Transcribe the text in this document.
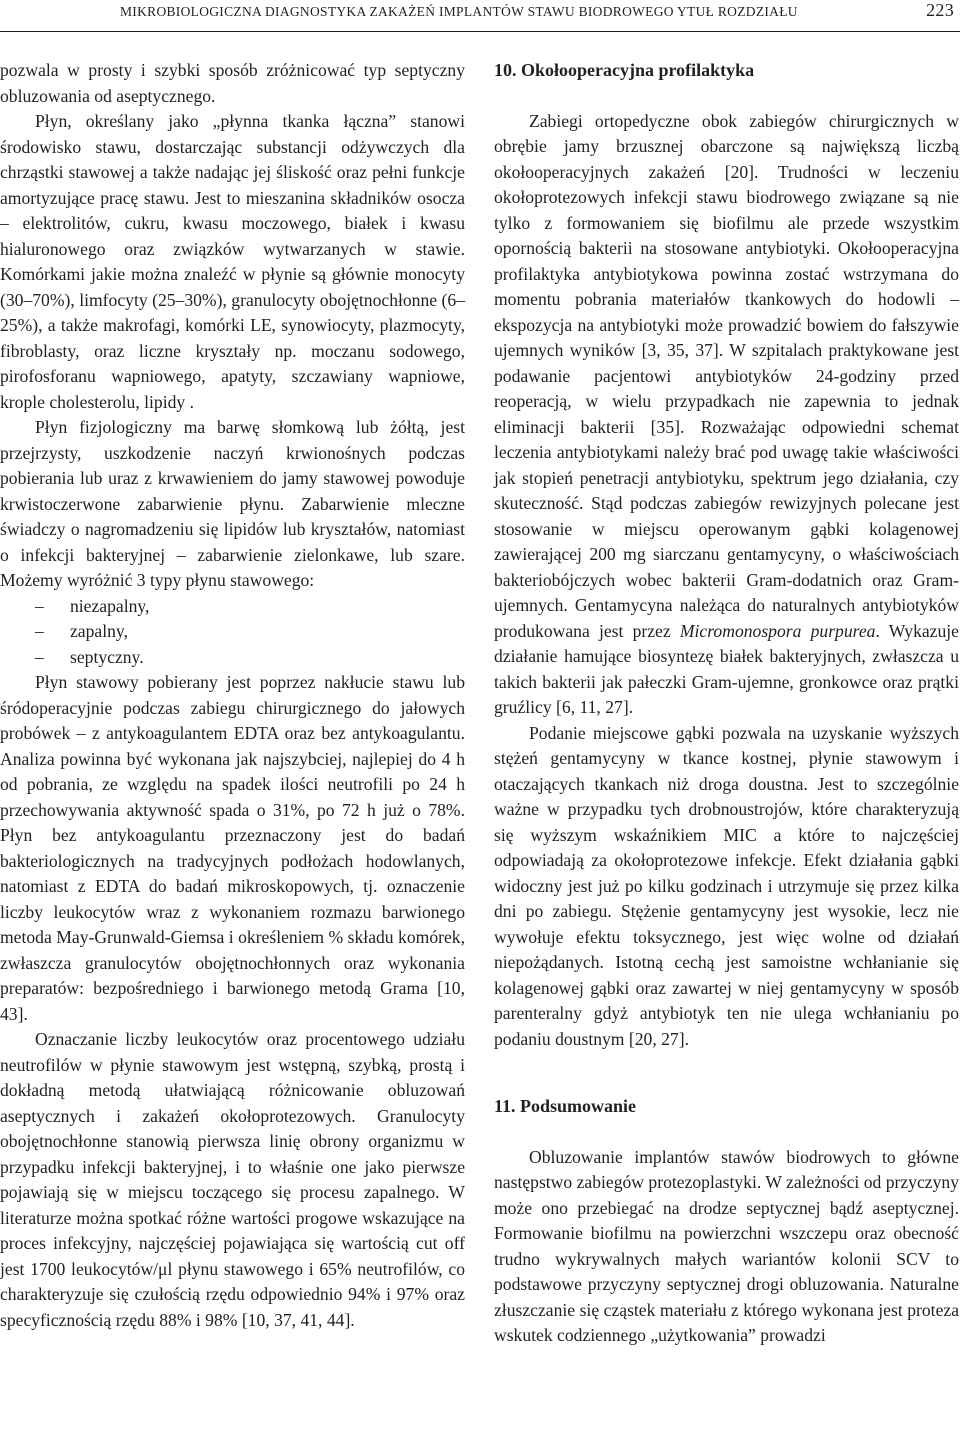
MIKROBIOLOGICZNA DIAGNOSTYKA ZAKAŻEŃ IMPLANTÓW STAWU BIODROWEGO YTUŁ ROZDZIAŁU	223

pozwala w prosty i szybki sposób zróżnicować typ septyczny obluzowania od aseptycznego.

Płyn, określany jako „płynna tkanka łączna” stanowi środowisko stawu, dostarczając substancji odżywczych dla chrząstki stawowej a także nadając jej śliskość oraz pełni funkcje amortyzujące pracę stawu. Jest to mieszanina składników osocza – elektrolitów, cukru, kwasu moczowego, białek i kwasu hialuronowego oraz związków wytwarzanych w stawie. Komórkami jakie można znaleźć w płynie są głównie monocyty (30–70%), limfocyty (25–30%), granulocyty obojętnochłonne (6–25%), a także makrofagi, komórki LE, synowiocyty, plazmocyty, fibroblasty, oraz liczne kryształy np. moczanu sodowego, pirofosforanu wapniowego, apatyty, szczawiany wapniowe, krople cholesterolu, lipidy .

Płyn fizjologiczny ma barwę słomkową lub żółtą, jest przejrzysty, uszkodzenie naczyń krwionośnych podczas pobierania lub uraz z krwawieniem do jamy stawowej powoduje krwistoczerwone zabarwienie płynu. Zabarwienie mleczne świadczy o nagromadzeniu się lipidów lub kryształów, natomiast o infekcji bakteryjnej – zabarwienie zielonkawe, lub szare. Możemy wyróżnić 3 typy płynu stawowego:

–	niezapalny,
–	zapalny,
–	septyczny.

Płyn stawowy pobierany jest poprzez nakłucie stawu lub śródoperacyjnie podczas zabiegu chirurgicznego do jałowych probówek – z antykoagulantem EDTA oraz bez antykoagulantu. Analiza powinna być wykonana jak najszybciej, najlepiej do 4 h od pobrania, ze względu na spadek ilości neutrofili po 24 h przechowywania aktywność spada o 31%, po 72 h już o 78%. Płyn bez antykoagulantu przeznaczony jest do badań bakteriologicznych na tradycyjnych podłożach hodowlanych, natomiast z EDTA do badań mikroskopowych, tj. oznaczenie liczby leukocytów wraz z wykonaniem rozmazu barwionego metoda May-Grunwald-Giemsa i określeniem % składu komórek, zwłaszcza granulocytów obojętnochłonnych oraz wykonania preparatów: bezpośredniego i barwionego metodą Grama [10, 43].

Oznaczanie liczby leukocytów oraz procentowego udziału neutrofilów w płynie stawowym jest wstępną, szybką, prostą i dokładną metodą ułatwiającą różnicowanie obluzowań aseptycznych i zakażeń okołoprotezowych. Granulocyty obojętnochłonne stanowią pierwsza linię obrony organizmu w przypadku infekcji bakteryjnej, i to właśnie one jako pierwsze pojawiają się w miejscu toczącego się procesu zapalnego. W literaturze można spotkać różne wartości progowe wskazujące na proces infekcyjny, najczęściej pojawiająca się wartością cut off jest 1700 leukocytów/μl płynu stawowego i 65% neutrofilów, co charakteryzuje się czułością rzędu odpowiednio 94% i 97% oraz specyficznością rzędu 88% i 98% [10, 37, 41, 44].

10. Okołooperacyjna profilaktyka

Zabiegi ortopedyczne obok zabiegów chirurgicznych w obrębie jamy brzusznej obarczone są największą liczbą okołooperacyjnych zakażeń [20]. Trudności w leczeniu okołoprotezowych infekcji stawu biodrowego związane są nie tylko z formowaniem się biofilmu ale przede wszystkim opornością bakterii na stosowane antybiotyki. Okołooperacyjna profilaktyka antybiotykowa powinna zostać wstrzymana do momentu pobrania materiałów tkankowych do hodowli – ekspozycja na antybiotyki może prowadzić bowiem do fałszywie ujemnych wyników [3, 35, 37]. W szpitalach praktykowane jest podawanie pacjentowi antybiotyków 24-godziny przed reoperacją, w wielu przypadkach nie zapewnia to jednak eliminacji bakterii [35]. Rozważając odpowiedni schemat leczenia antybiotykami należy brać pod uwagę takie właściwości jak stopień penetracji antybiotyku, spektrum jego działania, czy skuteczność. Stąd podczas zabiegów rewizyjnych polecane jest stosowanie w miejscu operowanym gąbki kolagenowej zawierającej 200 mg siarczanu gentamycyny, o właściwościach bakteriobójczych wobec bakterii Gram-dodatnich oraz Gram-ujemnych. Gentamycyna należąca do naturalnych antybiotyków produkowana jest przez Micromonospora purpurea. Wykazuje działanie hamujące biosyntezę białek bakteryjnych, zwłaszcza u takich bakterii jak pałeczki Gram-ujemne, gronkowce oraz prątki gruźlicy [6, 11, 27].

Podanie miejscowe gąbki pozwala na uzyskanie wyższych stężeń gentamycyny w tkance kostnej, płynie stawowym i otaczających tkankach niż droga doustna. Jest to szczególnie ważne w przypadku tych drobnoustrojów, które charakteryzują się wyższym wskaźnikiem MIC a które to najczęściej odpowiadają za okołoprotezowe infekcje. Efekt działania gąbki widoczny jest już po kilku godzinach i utrzymuje się przez kilka dni po zabiegu. Stężenie gentamycyny jest wysokie, lecz nie wywołuje efektu toksycznego, jest więc wolne od działań niepożądanych. Istotną cechą jest samoistne wchłanianie się kolagenowej gąbki oraz zawartej w niej gentamycyny w sposób parenteralny gdyż antybiotyk ten nie ulega wchłanianiu po podaniu doustnym [20, 27].

11. Podsumowanie

Obluzowanie implantów stawów biodrowych to główne następstwo zabiegów protezoplastyki. W zależności od przyczyny może ono przebiegać na drodze septycznej bądź aseptycznej. Formowanie biofilmu na powierzchni wszczepu oraz obecność trudno wykrywalnych małych wariantów kolonii SCV to podstawowe przyczyny septycznej drogi obluzowania. Naturalne złuszczanie się cząstek materiału z którego wykonana jest proteza wskutek codziennego „użytkowania” prowadzi
